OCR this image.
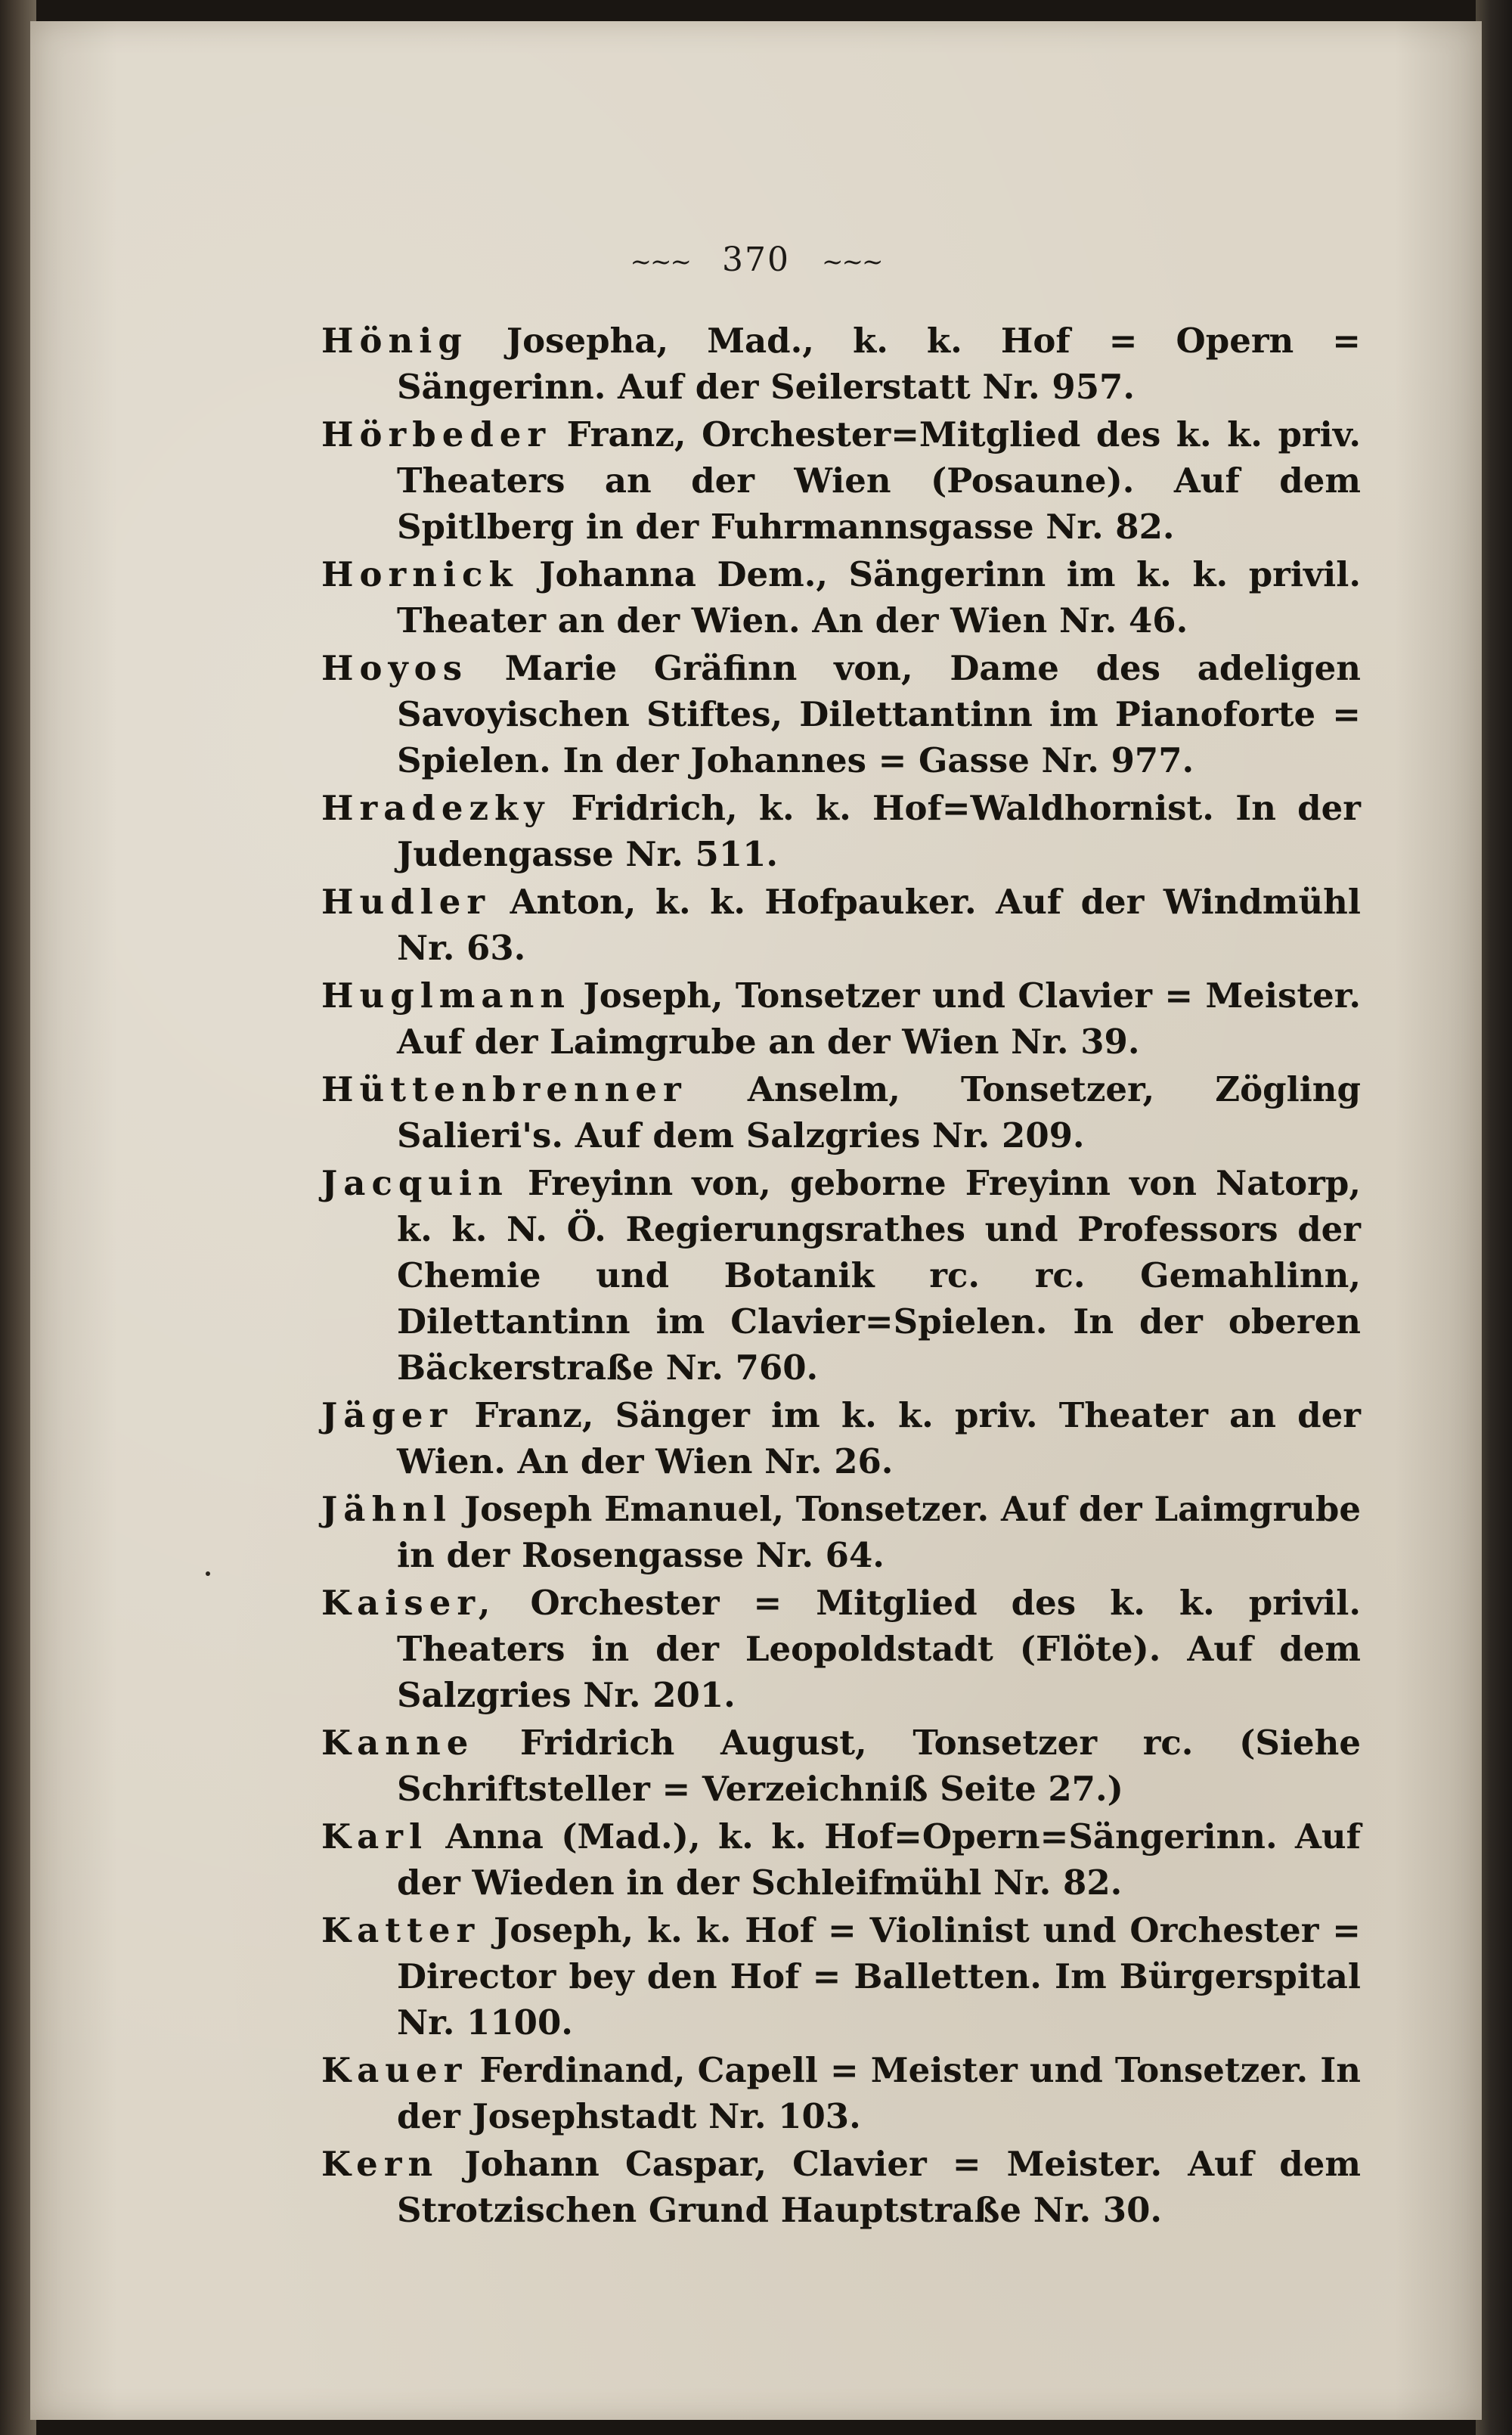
~~~ 370 ~~~

Hönig Josepha, Mad., k. k. Hof = Opern = Sängerinn. Auf der Seilerstatt Nr. 957.

Hörbeder Franz, Orchester=Mitglied des k. k. priv. Theaters an der Wien (Posaune). Auf dem Spitlberg in der Fuhrmannsgasse Nr. 82.

Hornick Johanna Dem., Sängerinn im k. k. privil. Theater an der Wien. An der Wien Nr. 46.

Hoyos Marie Gräfinn von, Dame des adeligen Savoyischen Stiftes, Dilettantinn im Pianoforte = Spielen. In der Johannes = Gasse Nr. 977.

Hradezky Fridrich, k. k. Hof=Waldhornist. In der Judengasse Nr. 511.

Hudler Anton, k. k. Hofpauker. Auf der Windmühl Nr. 63.

Huglmann Joseph, Tonsetzer und Clavier = Meister. Auf der Laimgrube an der Wien Nr. 39.

Hüttenbrenner Anselm, Tonsetzer, Zögling Salieri's. Auf dem Salzgries Nr. 209.

Jacquin Freyinn von, geborne Freyinn von Natorp, k. k. N. Ö. Regierungsrathes und Professors der Chemie und Botanik rc. rc. Gemahlinn, Dilettantinn im Clavier=Spielen. In der oberen Bäckerstraße Nr. 760.

Jäger Franz, Sänger im k. k. priv. Theater an der Wien. An der Wien Nr. 26.

Jähnl Joseph Emanuel, Tonsetzer. Auf der Laimgrube in der Rosengasse Nr. 64.

Kaiser, Orchester = Mitglied des k. k. privil. Theaters in der Leopoldstadt (Flöte). Auf dem Salzgries Nr. 201.

Kanne Fridrich August, Tonsetzer rc. (Siehe Schriftsteller = Verzeichniß Seite 27.)

Karl Anna (Mad.), k. k. Hof=Opern=Sängerinn. Auf der Wieden in der Schleifmühl Nr. 82.

Katter Joseph, k. k. Hof = Violinist und Orchester = Director bey den Hof = Balletten. Im Bürgerspital Nr. 1100.

Kauer Ferdinand, Capell = Meister und Tonsetzer. In der Josephstadt Nr. 103.

Kern Johann Caspar, Clavier = Meister. Auf dem Strotzischen Grund Hauptstraße Nr. 30.
